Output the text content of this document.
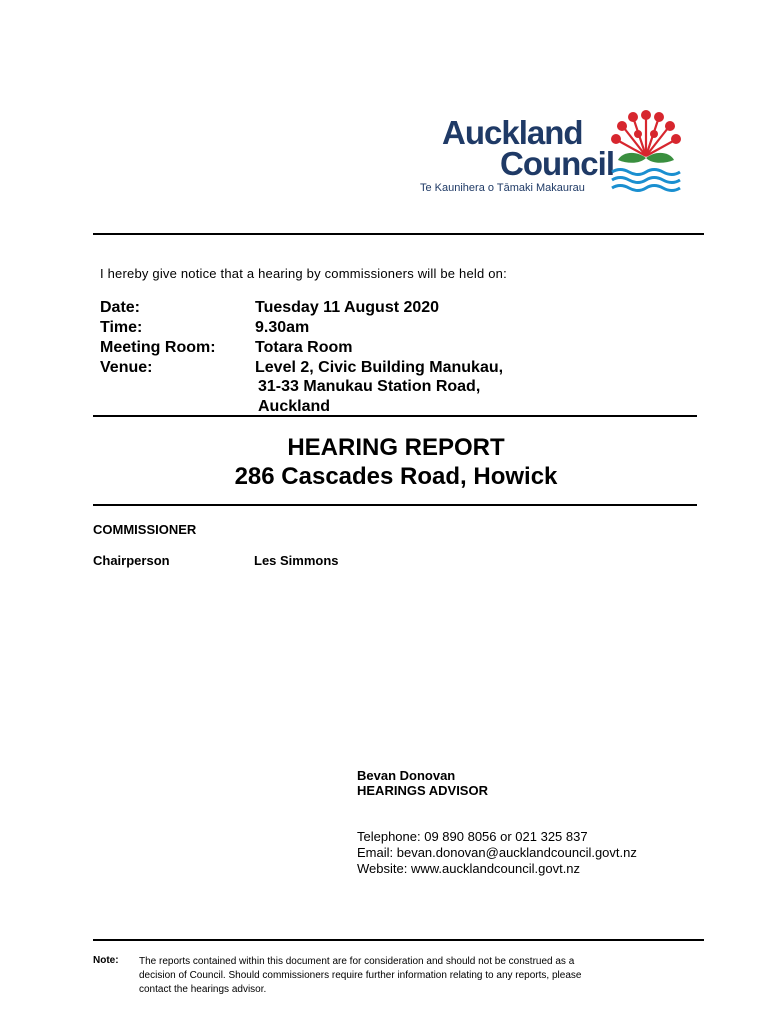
Auckland
Council
Te Kaunihera o Tāmaki Makaurau
I hereby give notice that a hearing by commissioners will be held on:
Date:	Tuesday 11 August 2020
Time:	9.30am
Meeting Room: Totara Room
Venue:	Level 2, Civic Building Manukau,
31-33 Manukau Station Road,
Auckland
HEARING REPORT
286 Cascades Road, Howick
COMMISSIONER
Chairperson	Les Simmons
Bevan Donovan
HEARINGS ADVISOR
Telephone: 09 890 8056 or 021 325 837
Email: bevan.donovan@aucklandcouncil.govt.nz
Website: www.aucklandcouncil.govt.nz
Note: The reports contained within this document are for consideration and should not be construed as a
decision of Council. Should commissioners require further information relating to any reports, please
contact the hearings advisor.
